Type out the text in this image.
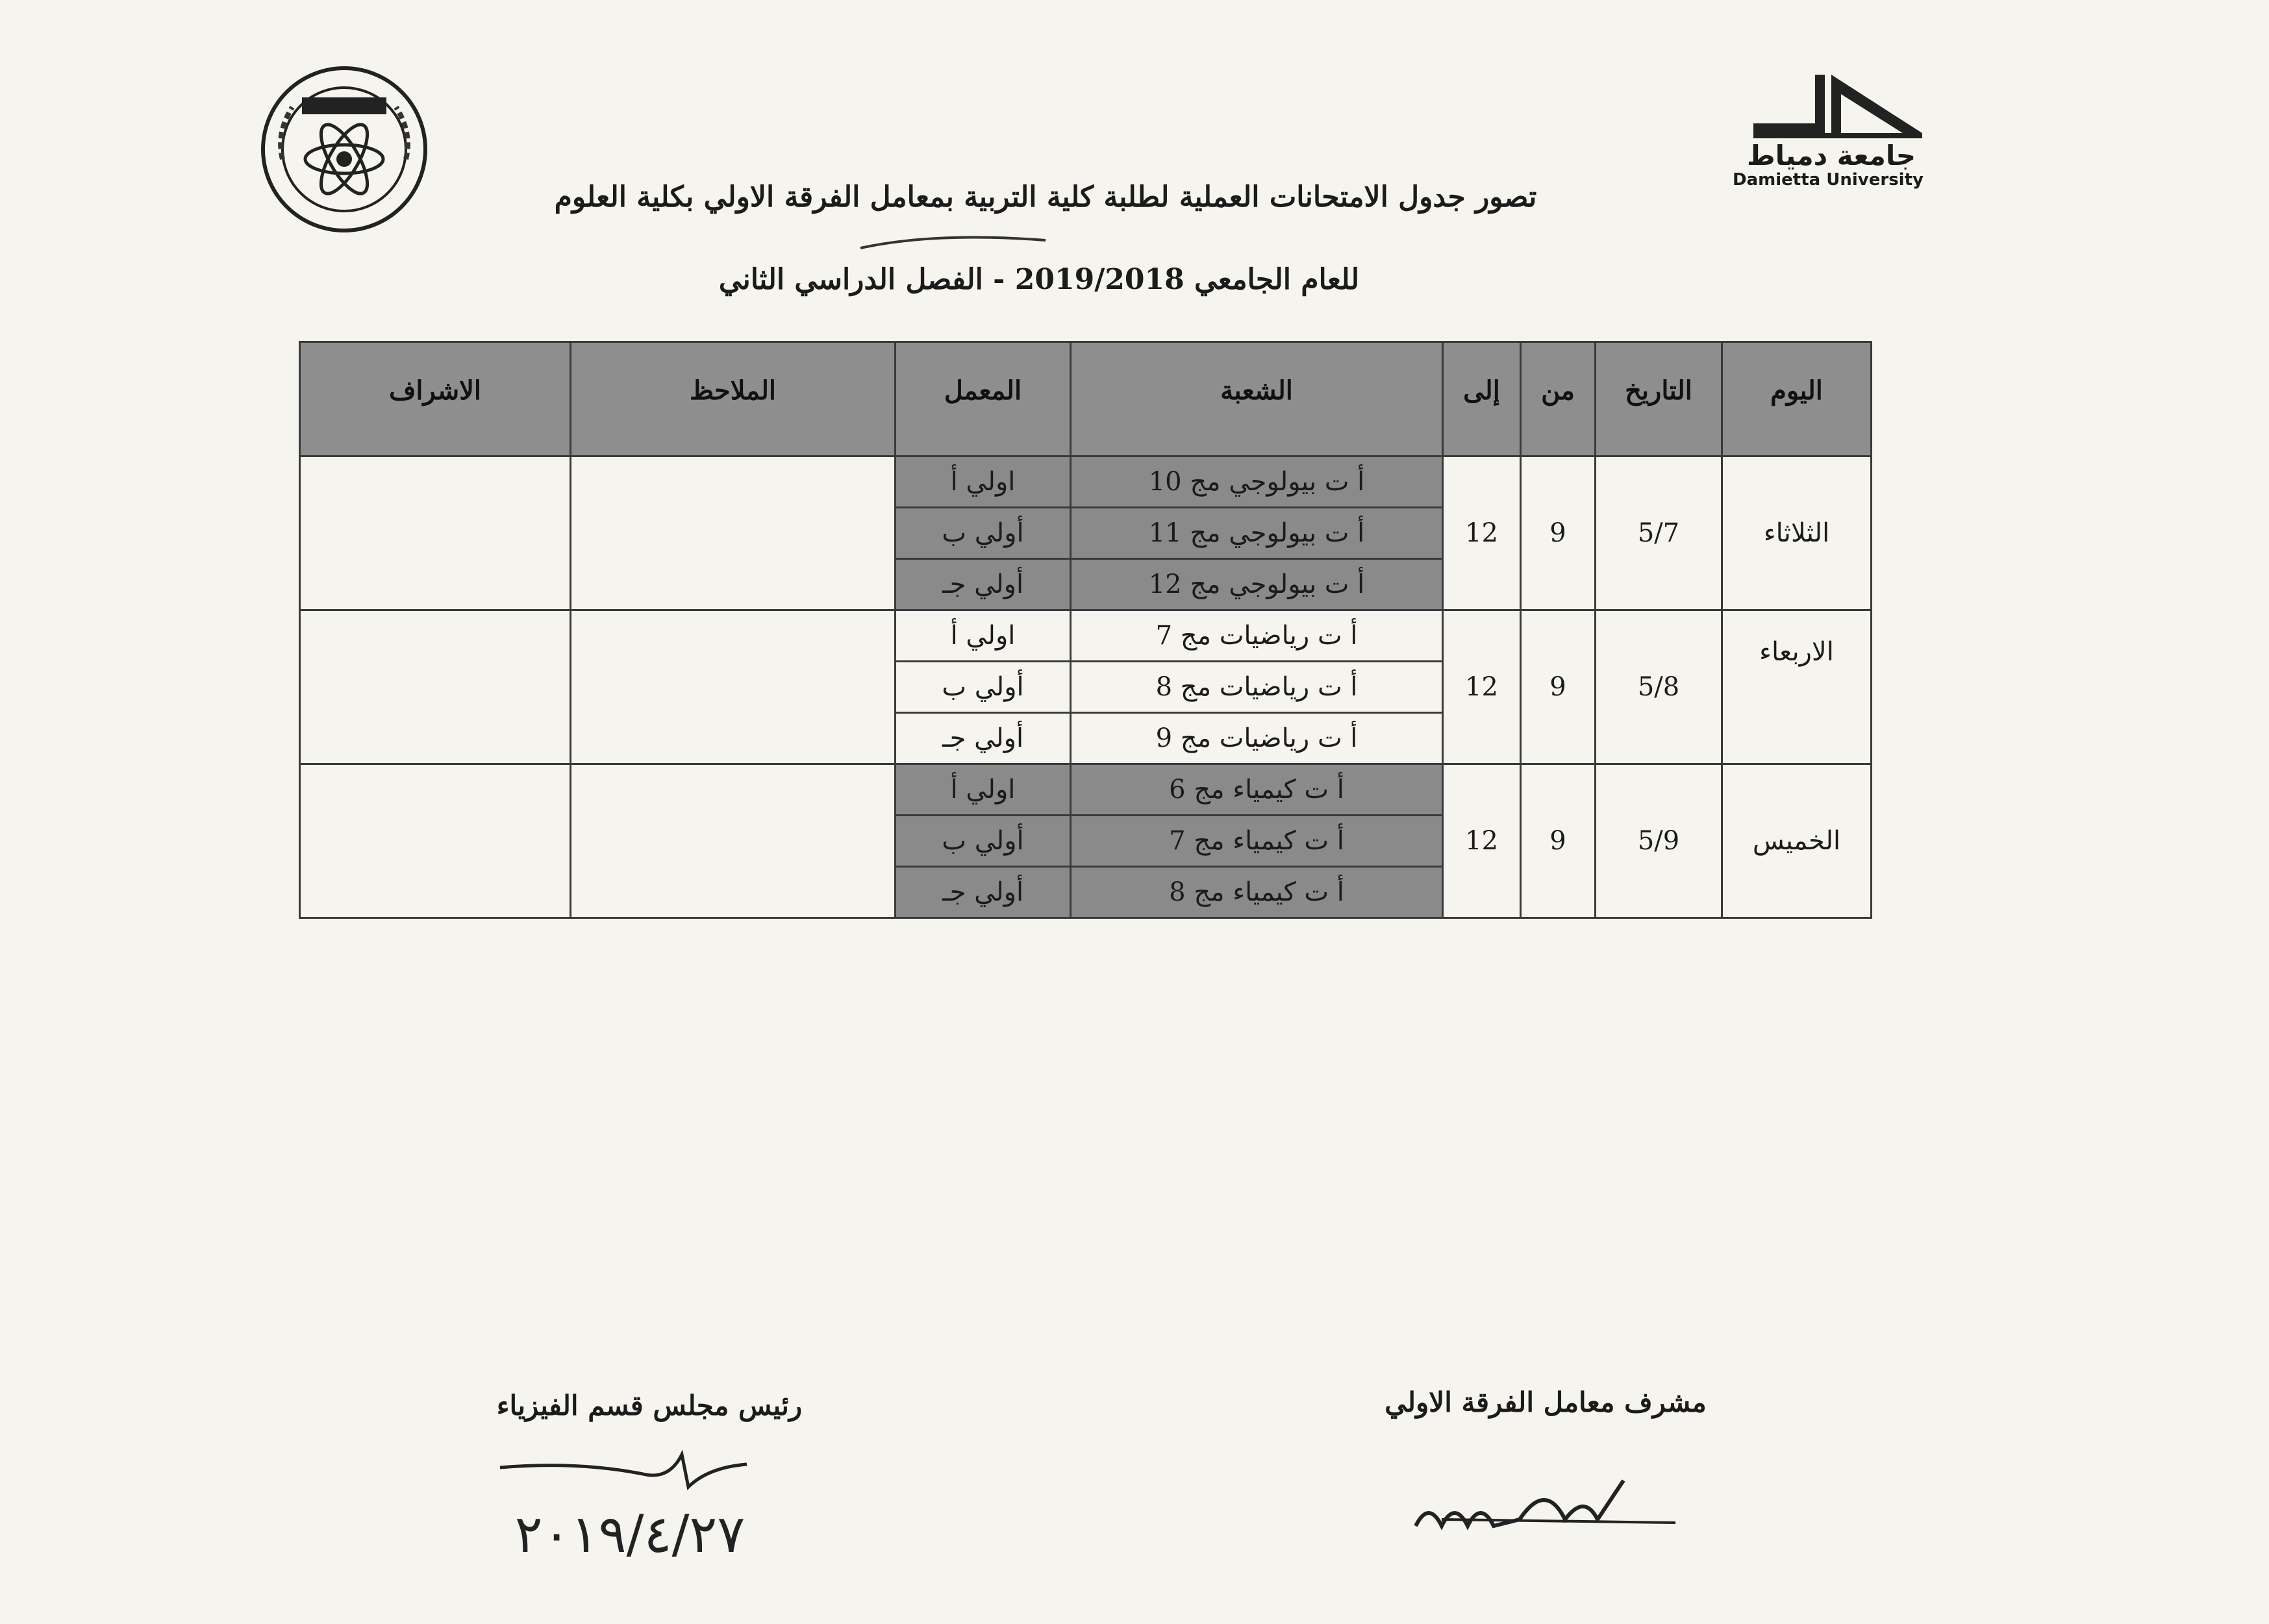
جامعة دمياط
Damietta University
تصور جدول الامتحانات العملية لطلبة كلية التربية بمعامل الفرقة الاولي بكلية العلوم
للعام الجامعي 2019/2018 - الفصل الدراسي الثاني
اليوم	التاريخ	من	إلى	الشعبة	المعمل	الملاحظ	الاشراف
الثلاثاء	5/7	9	12	أ ت بيولوجي مج 10	اولي أ		
				أ ت بيولوجي مج 11	أولي ب		
				أ ت بيولوجي مج 12	أولي جـ		
الاربعاء	5/8	9	12	أ ت رياضيات مج 7	اولي أ		
				أ ت رياضيات مج 8	أولي ب		
				أ ت رياضيات مج 9	أولي جـ		
الخميس	5/9	9	12	أ ت كيمياء مج 6	اولي أ		
				أ ت كيمياء مج 7	أولي ب		
				أ ت كيمياء مج 8	أولي جـ		
رئيس مجلس قسم الفيزياء
٢٠١٩/٤/٢٧
مشرف معامل الفرقة الاولي
